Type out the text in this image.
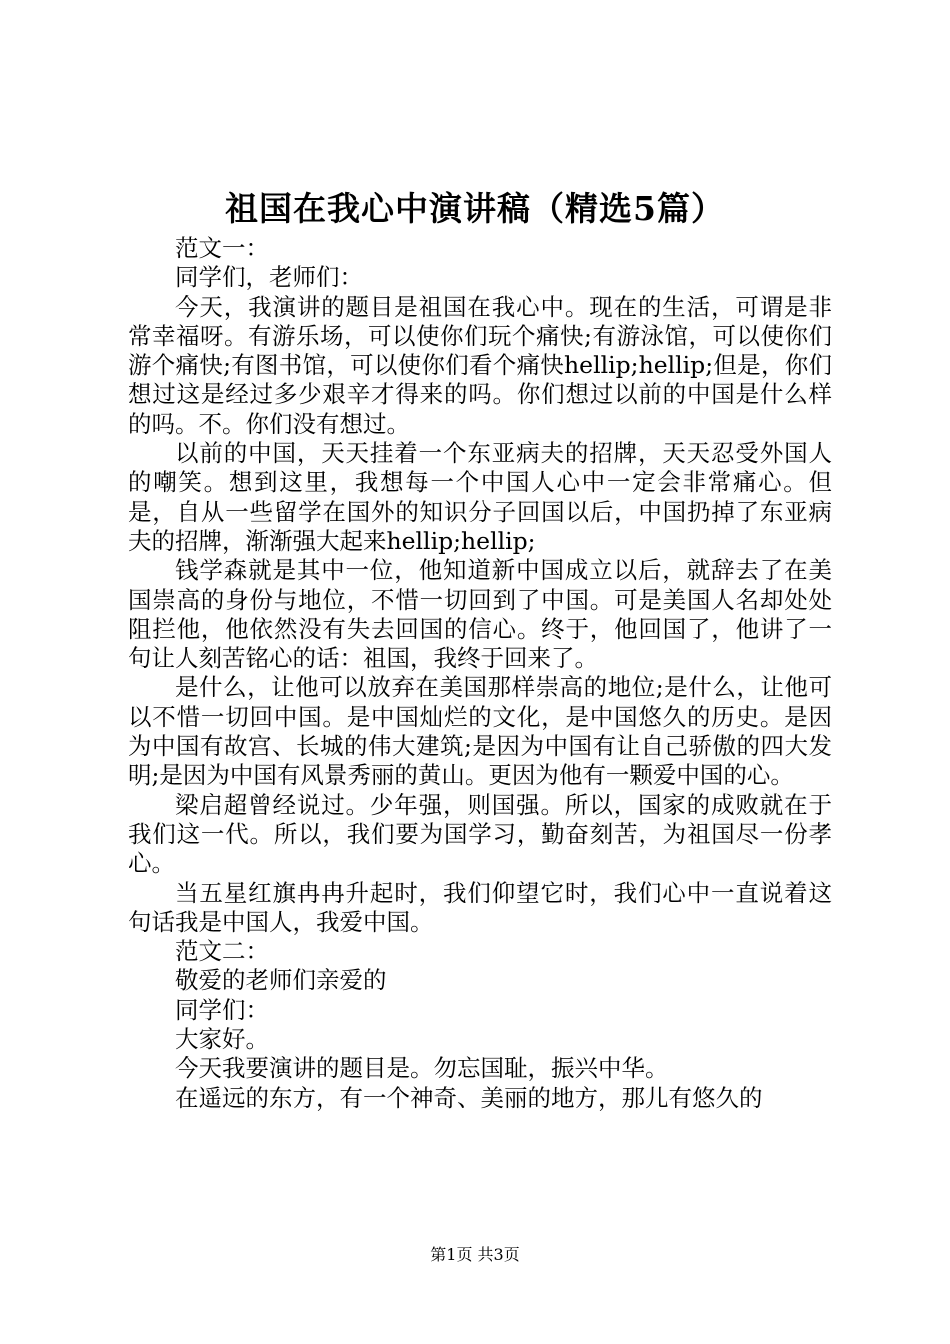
祖国在我心中演讲稿（精选5篇）

范文一：

同学们，老师们：

今天，我演讲的题目是祖国在我心中。现在的生活，可谓是非常幸福呀。有游乐场，可以使你们玩个痛快;有游泳馆，可以使你们游个痛快;有图书馆，可以使你们看个痛快hellip;hellip;但是，你们想过这是经过多少艰辛才得来的吗。你们想过以前的中国是什么样的吗。不。你们没有想过。

以前的中国，天天挂着一个东亚病夫的招牌，天天忍受外国人的嘲笑。想到这里，我想每一个中国人心中一定会非常痛心。但是，自从一些留学在国外的知识分子回国以后，中国扔掉了东亚病夫的招牌，渐渐强大起来hellip;hellip;

钱学森就是其中一位，他知道新中国成立以后，就辞去了在美国崇高的身份与地位，不惜一切回到了中国。可是美国人名却处处阻拦他，他依然没有失去回国的信心。终于，他回国了，他讲了一句让人刻苦铭心的话：祖国，我终于回来了。

是什么，让他可以放弃在美国那样崇高的地位;是什么，让他可以不惜一切回中国。是中国灿烂的文化，是中国悠久的历史。是因为中国有故宫、长城的伟大建筑;是因为中国有让自己骄傲的四大发明;是因为中国有风景秀丽的黄山。更因为他有一颗爱中国的心。

梁启超曾经说过。少年强，则国强。所以，国家的成败就在于我们这一代。所以，我们要为国学习，勤奋刻苦，为祖国尽一份孝心。

当五星红旗冉冉升起时，我们仰望它时，我们心中一直说着这句话我是中国人，我爱中国。

范文二：

敬爱的老师们亲爱的

同学们：

大家好。

今天我要演讲的题目是。勿忘国耻，振兴中华。

在遥远的东方，有一个神奇、美丽的地方，那儿有悠久的

第1页 共3页
